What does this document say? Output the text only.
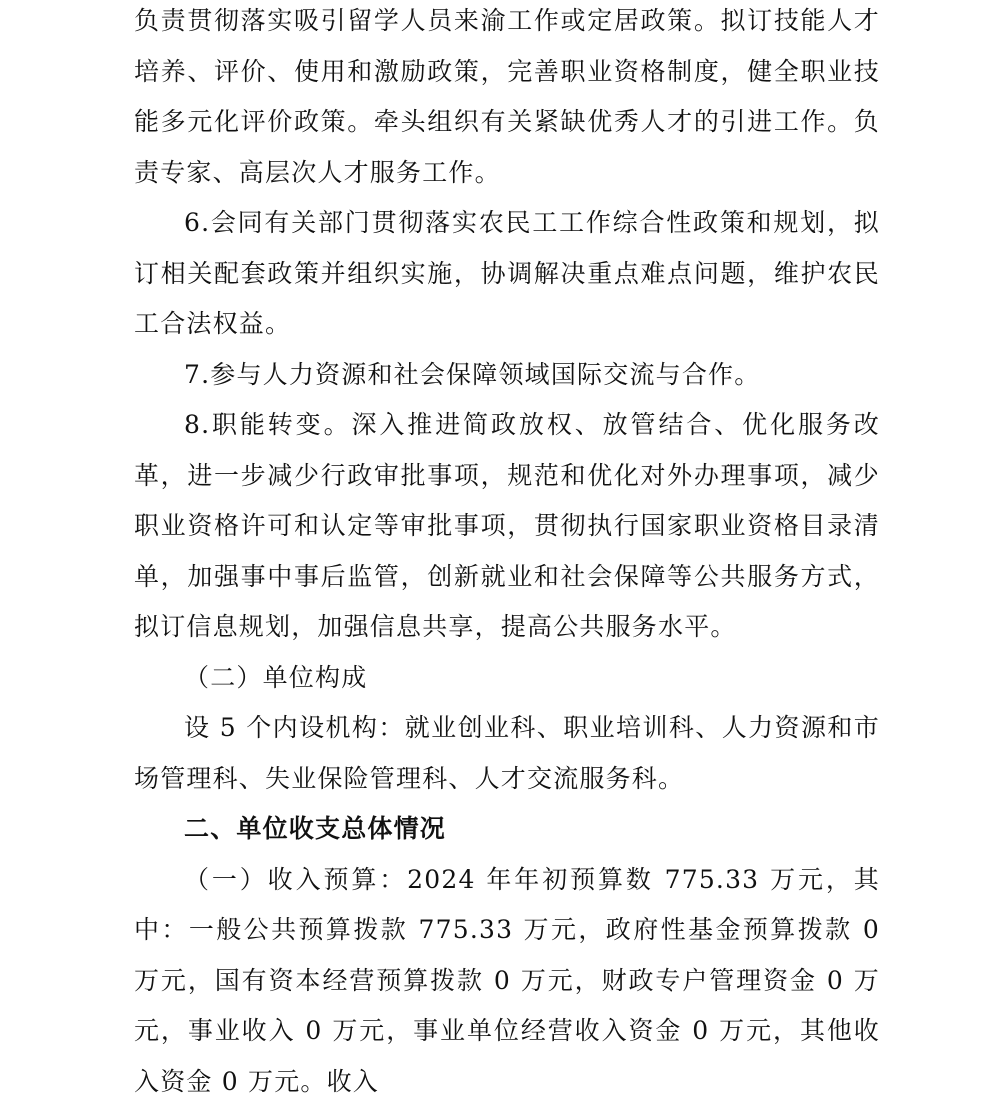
负责贯彻落实吸引留学人员来渝工作或定居政策。拟订技能人才培养、评价、使用和激励政策，完善职业资格制度，健全职业技能多元化评价政策。牵头组织有关紧缺优秀人才的引进工作。负责专家、高层次人才服务工作。

6.会同有关部门贯彻落实农民工工作综合性政策和规划，拟订相关配套政策并组织实施，协调解决重点难点问题，维护农民工合法权益。

7.参与人力资源和社会保障领域国际交流与合作。

8.职能转变。深入推进简政放权、放管结合、优化服务改革，进一步减少行政审批事项，规范和优化对外办理事项，减少职业资格许可和认定等审批事项，贯彻执行国家职业资格目录清单，加强事中事后监管，创新就业和社会保障等公共服务方式，拟订信息规划，加强信息共享，提高公共服务水平。

（二）单位构成

设 5 个内设机构：就业创业科、职业培训科、人力资源和市场管理科、失业保险管理科、人才交流服务科。

二、单位收支总体情况

（一）收入预算：2024 年年初预算数 775.33 万元，其中：一般公共预算拨款 775.33 万元，政府性基金预算拨款 0 万元，国有资本经营预算拨款 0 万元，财政专户管理资金 0 万元，事业收入 0 万元，事业单位经营收入资金 0 万元，其他收入资金 0 万元。收入
